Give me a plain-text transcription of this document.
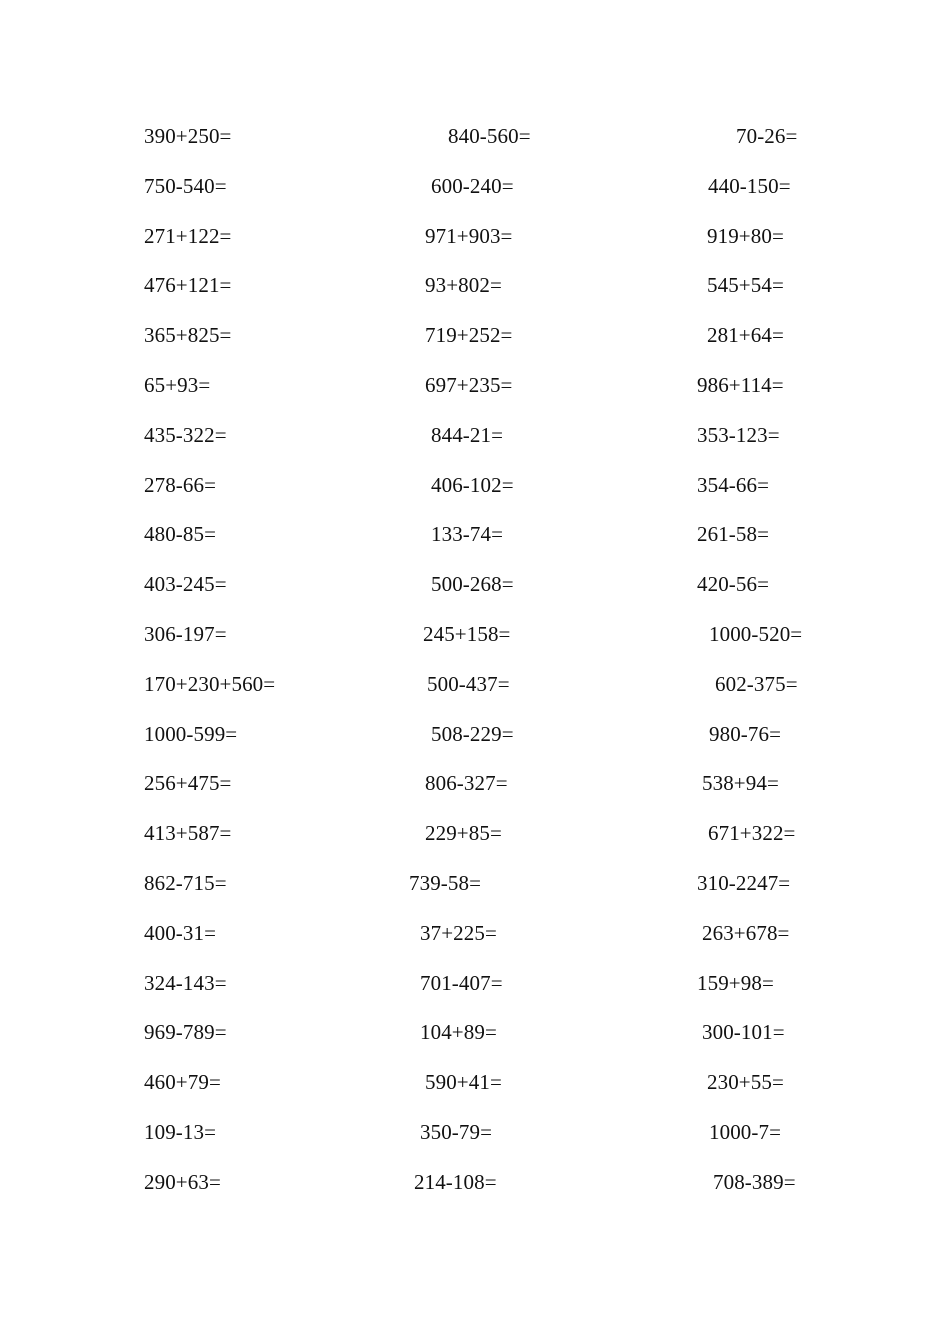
390+250=	840-560=	70-26=
750-540=	600-240=	440-150=
271+122=	971+903=	919+80=
476+121=	93+802=	545+54=
365+825=	719+252=	281+64=
65+93=	697+235=	986+114=
435-322=	844-21=	353-123=
278-66=	406-102=	354-66=
480-85=	133-74=	261-58=
403-245=	500-268=	420-56=
306-197=	245+158=	1000-520=
170+230+560=	500-437=	602-375=
1000-599=	508-229=	980-76=
256+475=	806-327=	538+94=
413+587=	229+85=	671+322=
862-715=	739-58=	310-2247=
400-31=	37+225=	263+678=
324-143=	701-407=	159+98=
969-789=	104+89=	300-101=
460+79=	590+41=	230+55=
109-13=	350-79=	1000-7=
290+63=	214-108=	708-389=
